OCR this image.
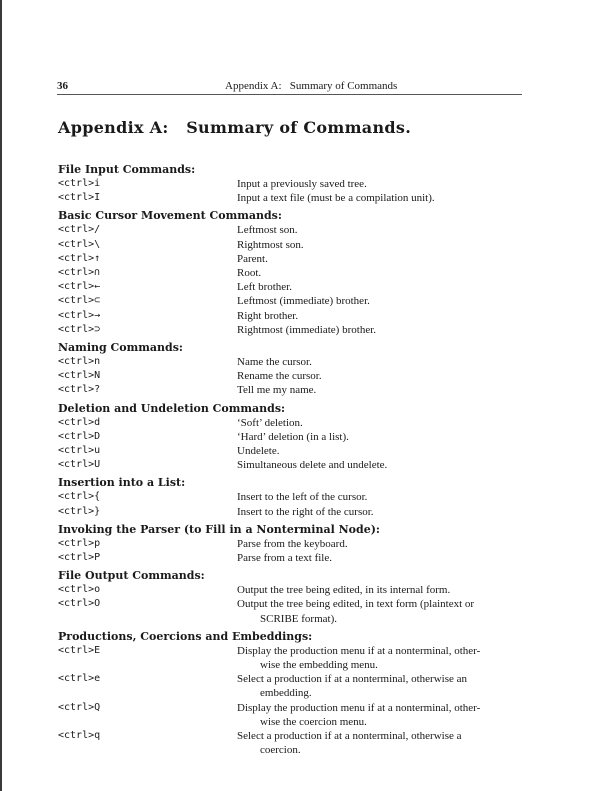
36	Appendix A:   Summary of Commands
Appendix A:   Summary of Commands.
File Input Commands:
<ctrl>i	Input a previously saved tree.
<ctrl>I	Input a text file (must be a compilation unit).
Basic Cursor Movement Commands:
<ctrl>/	Leftmost son.
<ctrl>\	Rightmost son.
<ctrl>↑	Parent.
<ctrl>∩	Root.
<ctrl>←	Left brother.
<ctrl>⊂	Leftmost (immediate) brother.
<ctrl>→	Right brother.
<ctrl>⊃	Rightmost (immediate) brother.
Naming Commands:
<ctrl>n	Name the cursor.
<ctrl>N	Rename the cursor.
<ctrl>?	Tell me my name.
Deletion and Undeletion Commands:
<ctrl>d	‘Soft’ deletion.
<ctrl>D	‘Hard’ deletion (in a list).
<ctrl>u	Undelete.
<ctrl>U	Simultaneous delete and undelete.
Insertion into a List:
<ctrl>{	Insert to the left of the cursor.
<ctrl>}	Insert to the right of the cursor.
Invoking the Parser (to Fill in a Nonterminal Node):
<ctrl>p	Parse from the keyboard.
<ctrl>P	Parse from a text file.
File Output Commands:
<ctrl>o	Output the tree being edited, in its internal form.
<ctrl>O	Output the tree being edited, in text form (plaintext or
SCRIBE format).
Productions, Coercions and Embeddings:
<ctrl>E	Display the production menu if at a nonterminal, other-
wise the embedding menu.
<ctrl>e	Select a production if at a nonterminal, otherwise an
embedding.
<ctrl>Q	Display the production menu if at a nonterminal, other-
wise the coercion menu.
<ctrl>q	Select a production if at a nonterminal, otherwise a
coercion.
